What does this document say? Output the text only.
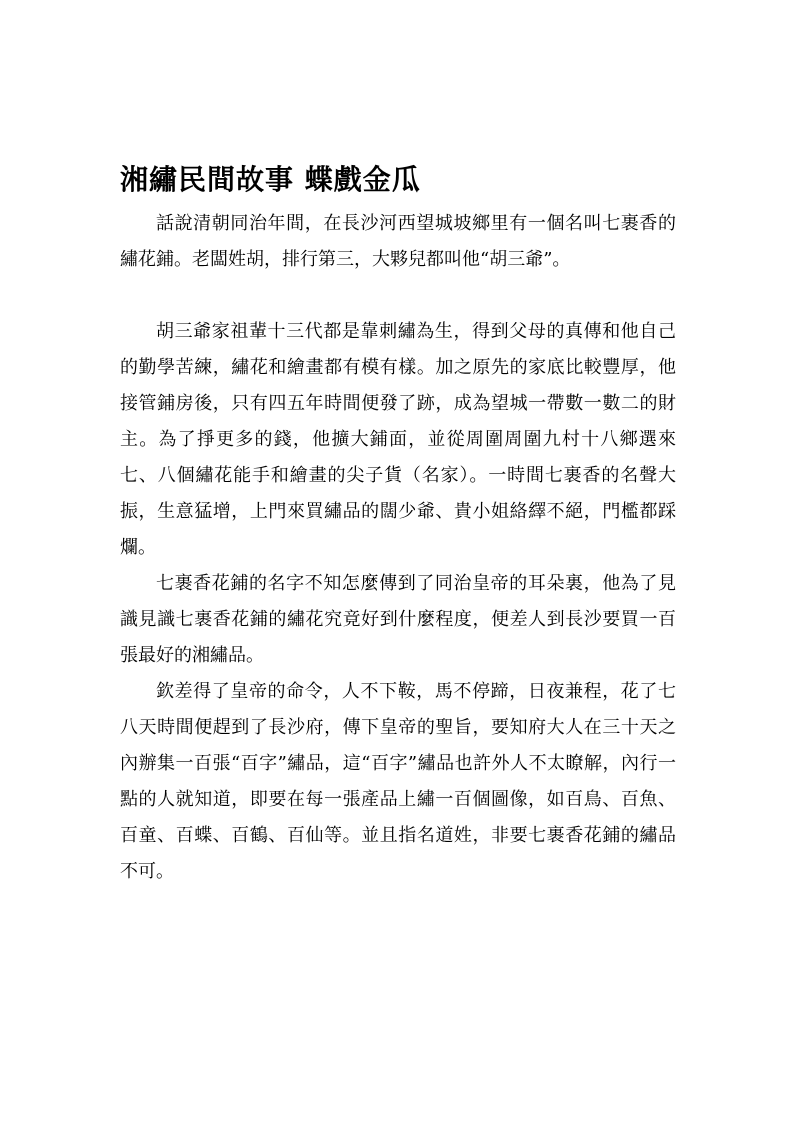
湘繡民間故事 蝶戲金瓜

話說清朝同治年間，在長沙河西望城坡鄉里有一個名叫七裹香的繡花鋪。老闆姓胡，排行第三，大夥兒都叫他“胡三爺”。

胡三爺家祖輩十三代都是靠刺繡為生，得到父母的真傳和他自己的勤學苦練，繡花和繪畫都有模有樣。加之原先的家底比較豐厚，他接管鋪房後，只有四五年時間便發了跡，成為望城一帶數一數二的財主。為了掙更多的錢，他擴大鋪面，並從周圍周圍九村十八鄉選來七、八個繡花能手和繪畫的尖子貨（名家）。一時間七裹香的名聲大振，生意猛增，上門來買繡品的闊少爺、貴小姐絡繹不絕，門檻都踩爛。

七裹香花鋪的名字不知怎麼傳到了同治皇帝的耳朵裏，他為了見識見識七裹香花鋪的繡花究竟好到什麼程度，便差人到長沙要買一百張最好的湘繡品。

欽差得了皇帝的命令，人不下鞍，馬不停蹄，日夜兼程，花了七八天時間便趕到了長沙府，傳下皇帝的聖旨，要知府大人在三十天之內辦集一百張“百字”繡品，這“百字”繡品也許外人不太瞭解，內行一點的人就知道，即要在每一張產品上繡一百個圖像，如百鳥、百魚、百童、百蝶、百鶴、百仙等。並且指名道姓，非要七裹香花鋪的繡品不可。
